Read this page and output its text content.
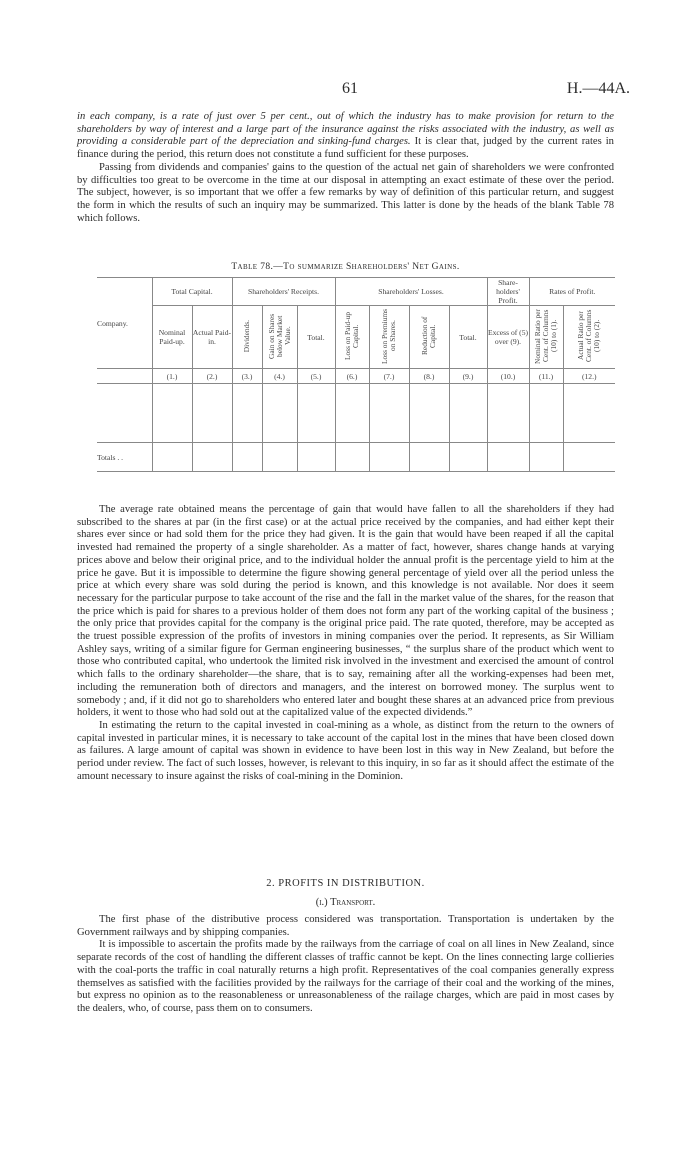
61	H.—44A.

in each company, is a rate of just over 5 per cent., out of which the industry has to make provision for return to the shareholders by way of interest and a large part of the insurance against the risks associated with the industry, as well as providing a considerable part of the depreciation and sinking-fund charges. It is clear that, judged by the current rates in finance during the period, this return does not constitute a fund sufficient for these purposes.

Passing from dividends and companies' gains to the question of the actual net gain of shareholders we were confronted by difficulties too great to be overcome in the time at our disposal in attempting an exact estimate of these over the period. The subject, however, is so important that we offer a few remarks by way of definition of this particular return, and suggest the form in which the results of such an inquiry may be summarized. This latter is done by the heads of the blank Table 78 which follows.

Table 78.—To summarize Shareholders' Net Gains.
Company.	Total Capital.		Shareholders' Receipts.			Shareholders' Losses.				Share-holders' Profit.	Rates of Profit.	
	Nominal Paid-up.	Actual Paid-in.	Dividends.	Gain on Shares below Market Value.	Total.	Loss on Paid-up Capital.	Loss on Premiums on Shares.	Reduction of Capital.	Total.	Excess of (5) over (9).	Nominal Ratio per Cent. of Columns (10) to (1).	Actual Ratio per Cent. of Columns (10) to (2).
	(1.)	(2.)	(3.)	(4.)	(5.)	(6.)	(7.)	(8.)	(9.)	(10.)	(11.)	(12.)

Totals . .												

The average rate obtained means the percentage of gain that would have fallen to all the shareholders if they had subscribed to the shares at par (in the first case) or at the actual price received by the companies, and had either kept their shares ever since or had sold them for the price they had given. It is the gain that would have been reaped if all the capital invested had remained the property of a single shareholder. As a matter of fact, however, shares change hands at varying prices above and below their original price, and to the individual holder the annual profit is the percentage yield to him at the price he gave. But it is impossible to determine the figure showing general percentage of yield over all the period unless the price at which every share was sold during the period is known, and this knowledge is not available. Nor does it seem necessary for the particular purpose to take account of the rise and the fall in the market value of the shares, for the reason that the price which is paid for shares to a previous holder of them does not form any part of the working capital of the business ; the only price that provides capital for the company is the original price paid. The rate quoted, therefore, may be accepted as the truest possible expression of the profits of investors in mining companies over the period. It represents, as Sir William Ashley says, writing of a similar figure for German engineering businesses, “ the surplus share of the product which went to those who contributed capital, who undertook the limited risk involved in the investment and exercised the amount of control which falls to the ordinary shareholder—the share, that is to say, remaining after all the working-expenses had been met, including the remuneration both of directors and managers, and the interest on borrowed money. The surplus went to somebody ; and, if it did not go to shareholders who entered later and bought these shares at an advanced price from previous holders, it went to those who had sold out at the capitalized value of the expected dividends.”

In estimating the return to the capital invested in coal-mining as a whole, as distinct from the return to the owners of capital invested in particular mines, it is necessary to take account of the capital lost in the mines that have been closed down as failures. A large amount of capital was shown in evidence to have been lost in this way in New Zealand, but before the period under review. The fact of such losses, however, is relevant to this inquiry, in so far as it should affect the estimate of the amount necessary to insure against the risks of coal-mining in the Dominion.

2. PROFITS IN DISTRIBUTION.
(i.) Transport.

The first phase of the distributive process considered was transportation. Transportation is undertaken by the Government railways and by shipping companies.

It is impossible to ascertain the profits made by the railways from the carriage of coal on all lines in New Zealand, since separate records of the cost of handling the different classes of traffic cannot be kept. On the lines connecting large collieries with the coal-ports the traffic in coal naturally returns a high profit. Representatives of the coal companies generally express themselves as satisfied with the facilities provided by the railways for the carriage of their coal and the working of the mines, but express no opinion as to the reasonableness or unreasonableness of the railage charges, which are paid in most cases by the dealers, who, of course, pass them on to consumers.
